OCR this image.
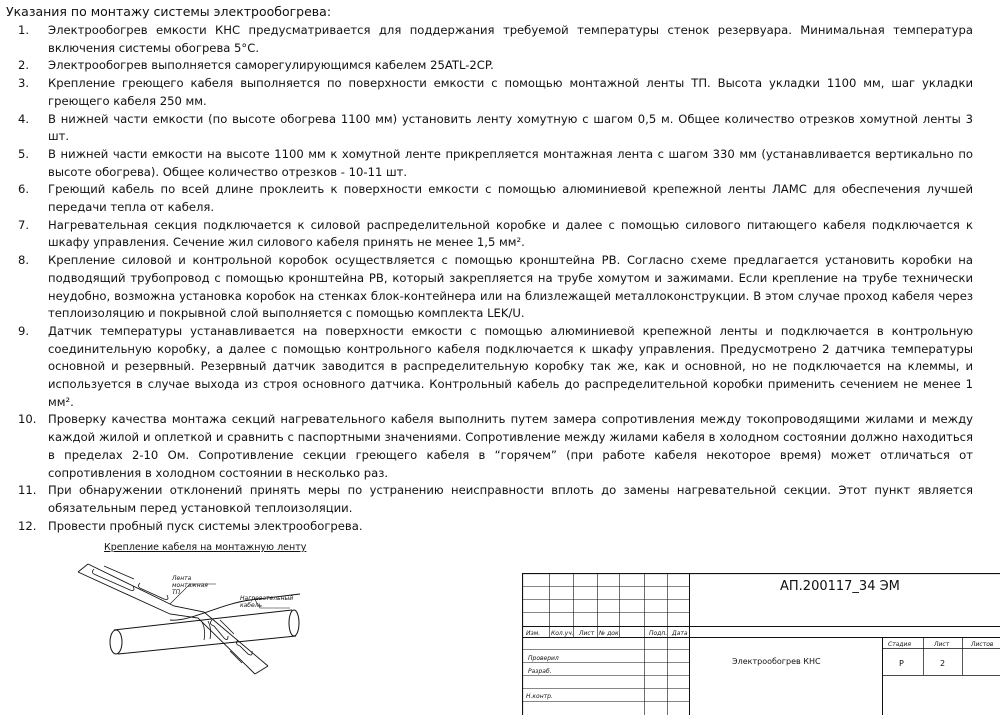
Указания по монтажу системы электрообогрева:
1. Электрообогрев емкости КНС предусматривается для поддержания требуемой температуры стенок резервуара. Минимальная температура включения системы обогрева 5°С.
2. Электрообогрев выполняется саморегулирующимся кабелем 25ATL-2CP.
3. Крепление греющего кабеля выполняется по поверхности емкости с помощью монтажной ленты ТП. Высота укладки 1100 мм, шаг укладки греющего кабеля 250 мм.
4. В нижней части емкости (по высоте обогрева 1100 мм) установить ленту хомутную с шагом 0,5 м. Общее количество отрезков хомутной ленты 3 шт.
5. В нижней части емкости на высоте 1100 мм к хомутной ленте прикрепляется монтажная лента с шагом 330 мм (устанавливается вертикально по высоте обогрева). Общее количество отрезков - 10-11 шт.
6. Греющий кабель по всей длине проклеить к поверхности емкости с помощью алюминиевой крепежной ленты ЛАМС для обеспечения лучшей передачи тепла от кабеля.
7. Нагревательная секция подключается к силовой распределительной коробке и далее с помощью силового питающего кабеля подключается к шкафу управления. Сечение жил силового кабеля принять не менее 1,5 мм².
8. Крепление силовой и контрольной коробок осуществляется с помощью кронштейна PB. Согласно схеме предлагается установить коробки на подводящий трубопровод с помощью кронштейна PB, который закрепляется на трубе хомутом и зажимами. Если крепление на трубе технически неудобно, возможна установка коробок на стенках блок-контейнера или на близлежащей металлоконструкции. В этом случае проход кабеля через теплоизоляцию и покрывной слой выполняется с помощью комплекта LEK/U.
9. Датчик температуры устанавливается на поверхности емкости с помощью алюминиевой крепежной ленты и подключается в контрольную соединительную коробку, а далее с помощью контрольного кабеля подключается к шкафу управления. Предусмотрено 2 датчика температуры основной и резервный. Резервный датчик заводится в распределительную коробку так же, как и основной, но не подключается на клеммы, и используется в случае выхода из строя основного датчика. Контрольный кабель до распределительной коробки применить сечением не менее 1 мм².
10. Проверку качества монтажа секций нагревательного кабеля выполнить путем замера сопротивления между токопроводящими жилами и между каждой жилой и оплеткой и сравнить с паспортными значениями. Сопротивление между жилами кабеля в холодном состоянии должно находиться в пределах 2-10 Ом. Сопротивление секции греющего кабеля в “горячем” (при работе кабеля некоторое время) может отличаться от сопротивления в холодном состоянии в несколько раз.
11. При обнаружении отклонений принять меры по устранению неисправности вплоть до замены нагревательной секции. Этот пункт является обязательным перед установкой теплоизоляции.
12. Провести пробный пуск системы электрообогрева.
Крепление кабеля на монтажную ленту
Лента
монтажная
ТП
Нагревательный
кабель
Изм. Кол.уч. Лист № док.	Подп. Дата
Проверил
Разраб.
Н.контр.
АП.200117_34 ЭМ
Электрообогрев КНС
Стадия	Лист	Листов
Р	2
